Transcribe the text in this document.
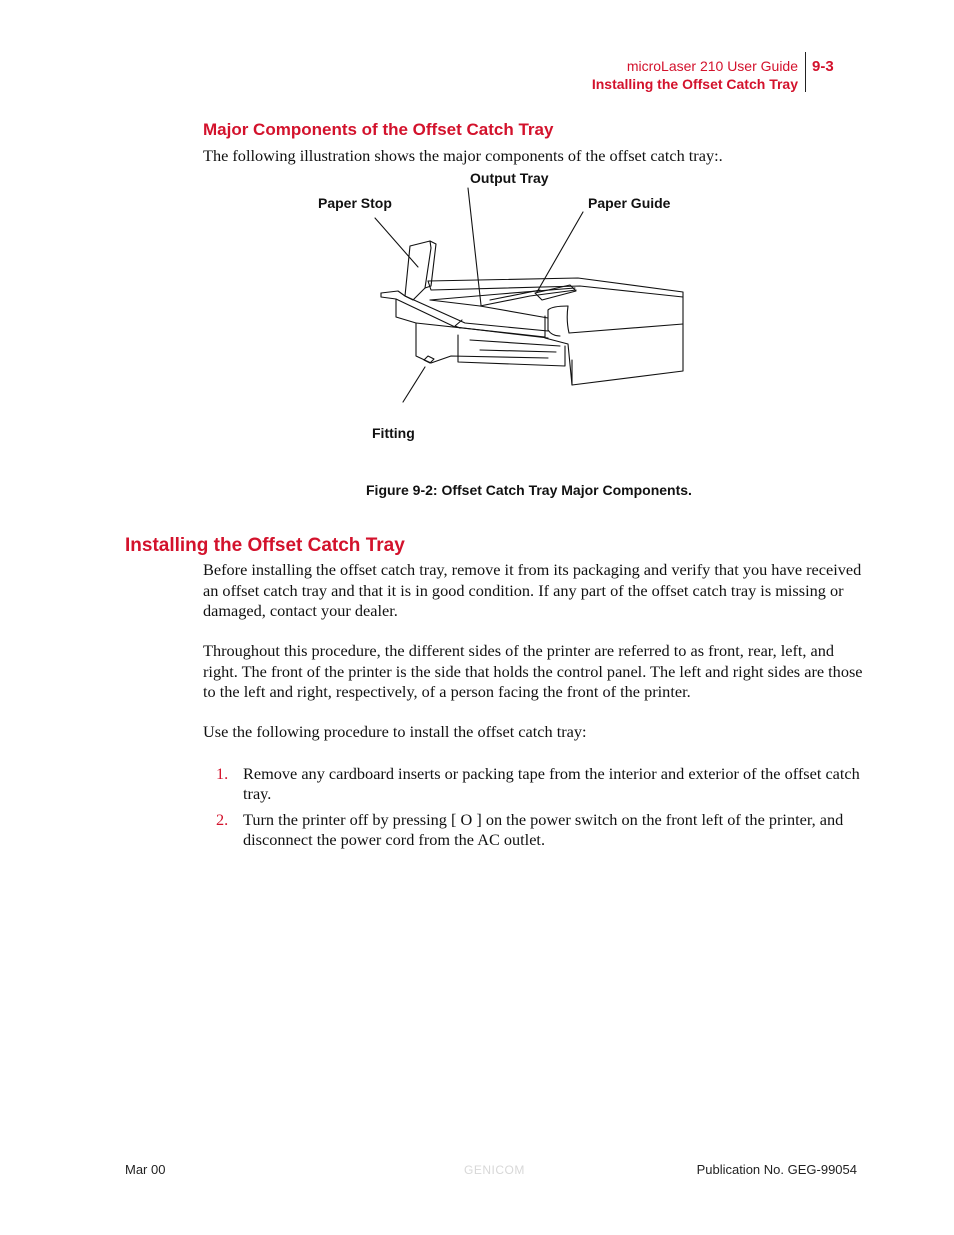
microLaser 210 User Guide
Installing the Offset Catch Tray
9-3
Major Components of the Offset Catch Tray
The following illustration shows the major components of the offset catch tray:.
Output Tray
Paper Stop	Paper Guide
Fitting
Figure 9-2: Offset Catch Tray Major Components.
Installing the Offset Catch Tray
Before installing the offset catch tray, remove it from its packaging and verify that you have received an offset catch tray and that it is in good condition. If any part of the offset catch tray is missing or damaged, contact your dealer.
Throughout this procedure, the different sides of the printer are referred to as front, rear, left, and right. The front of the printer is the side that holds the control panel. The left and right sides are those to the left and right, respectively, of a person facing the front of the printer.
Use the following procedure to install the offset catch tray:
1. Remove any cardboard inserts or packing tape from the interior and exterior of the offset catch tray.
2. Turn the printer off by pressing [ O ] on the power switch on the front left of the printer, and disconnect the power cord from the AC outlet.
Mar 00	GENICOM	Publication No. GEG-99054
